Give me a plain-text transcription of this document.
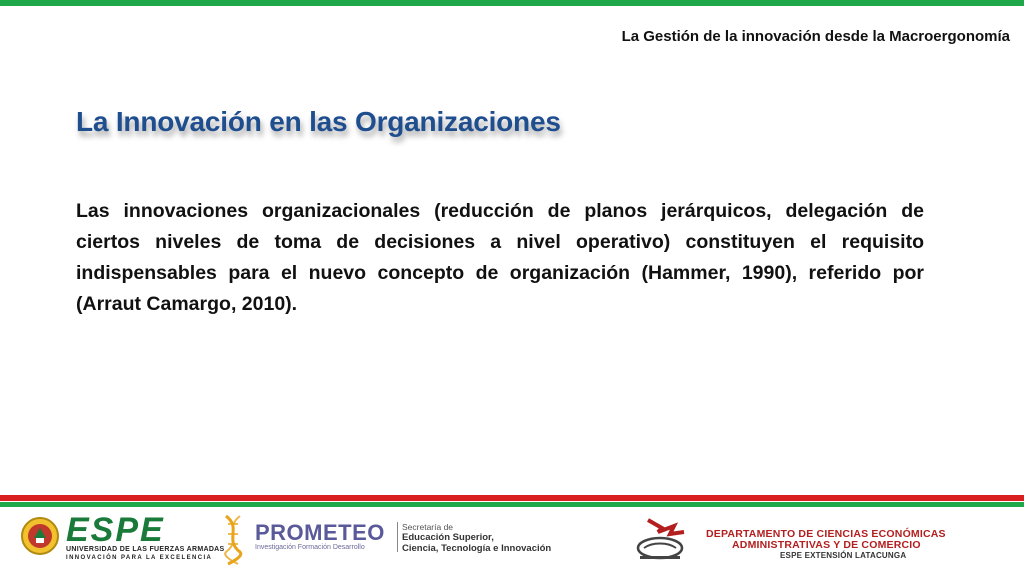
La Gestión de la innovación desde la Macroergonomía
La Innovación en las Organizaciones
Las innovaciones organizacionales (reducción de planos jerárquicos, delegación de ciertos niveles de toma de decisiones a nivel operativo) constituyen el requisito indispensables para el nuevo concepto de organización (Hammer, 1990), referido por (Arraut Camargo, 2010).
ESPE
UNIVERSIDAD DE LAS FUERZAS ARMADAS
INNOVACIÓN PARA LA EXCELENCIA
PROMETEO
Investigación Formación Desarrollo
Secretaría de
Educación Superior,
Ciencia, Tecnología e Innovación
DEPARTAMENTO DE CIENCIAS ECONÓMICAS
ADMINISTRATIVAS Y DE COMERCIO
ESPE EXTENSIÓN LATACUNGA
